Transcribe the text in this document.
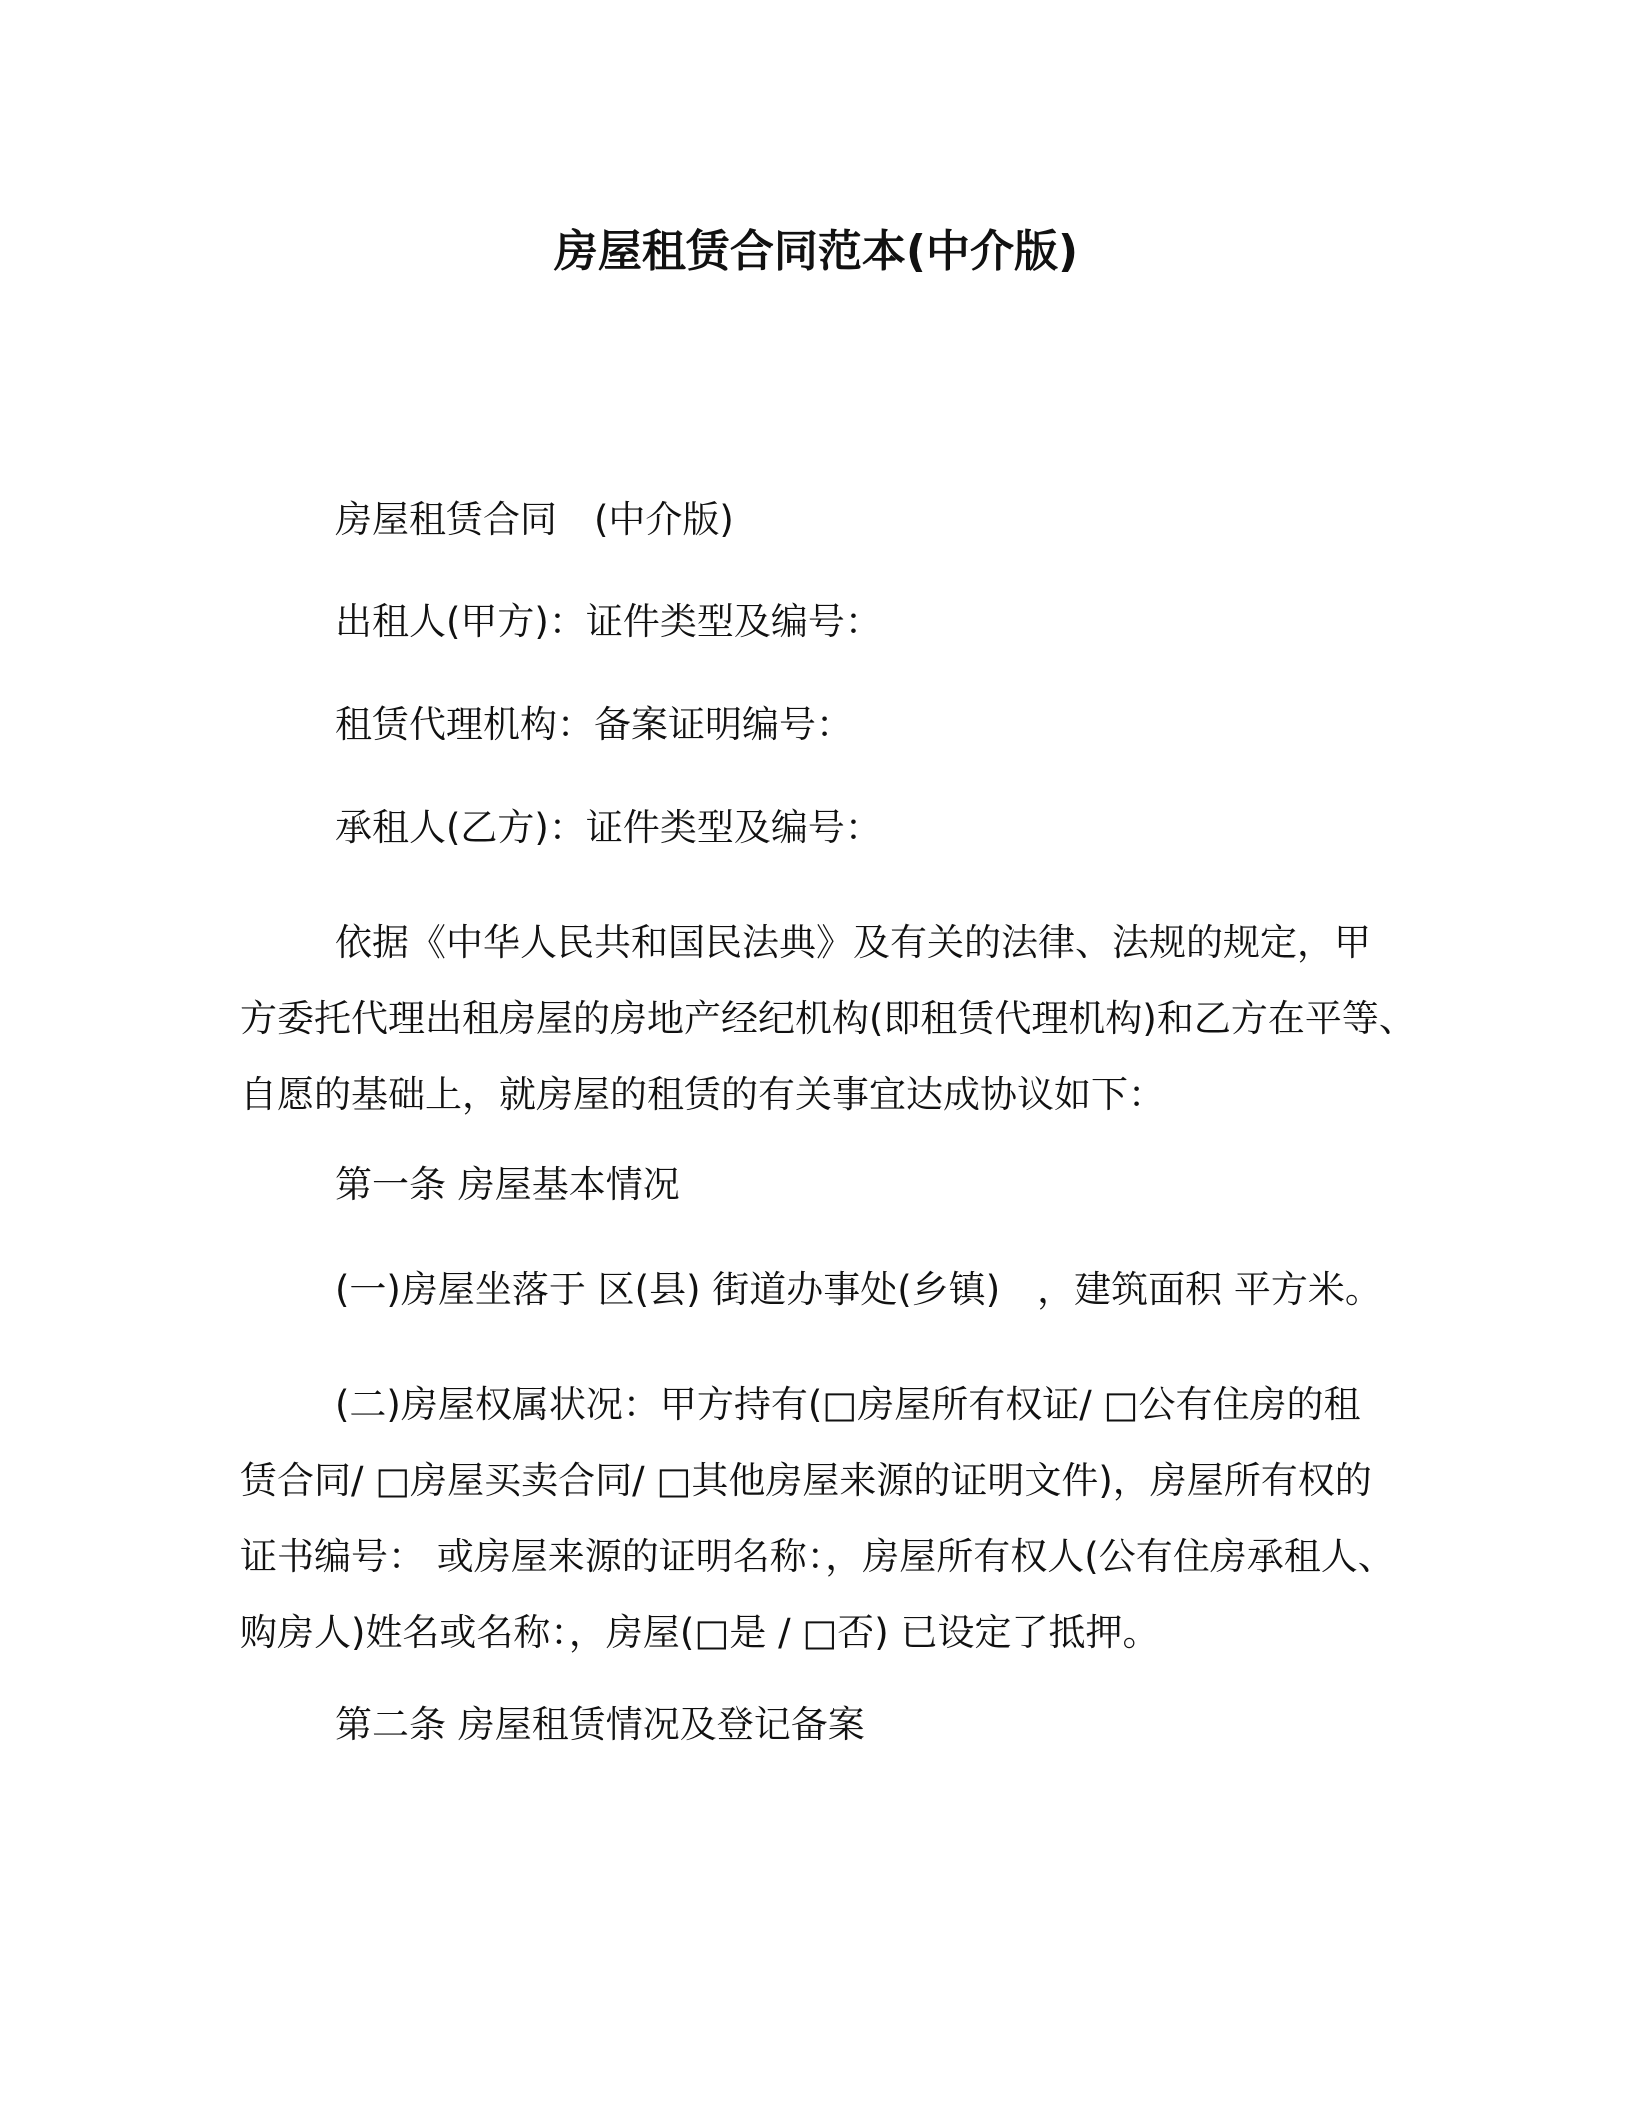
房屋租赁合同范本(中介版)

房屋租赁合同　(中介版)

出租人(甲方)：证件类型及编号：

租赁代理机构：备案证明编号：

承租人(乙方)：证件类型及编号：

依据《中华人民共和国民法典》及有关的法律、法规的规定，甲
方委托代理出租房屋的房地产经纪机构(即租赁代理机构)和乙方在平等、
自愿的基础上，就房屋的租赁的有关事宜达成协议如下：

第一条 房屋基本情况

(一)房屋坐落于 区(县) 街道办事处(乡镇)　，建筑面积 平方米。

(二)房屋权属状况：甲方持有(□房屋所有权证/ □公有住房的租
赁合同/ □房屋买卖合同/ □其他房屋来源的证明文件)，房屋所有权的
证书编号： 或房屋来源的证明名称：，房屋所有权人(公有住房承租人、
购房人)姓名或名称：，房屋(□是 / □否) 已设定了抵押。

第二条 房屋租赁情况及登记备案
